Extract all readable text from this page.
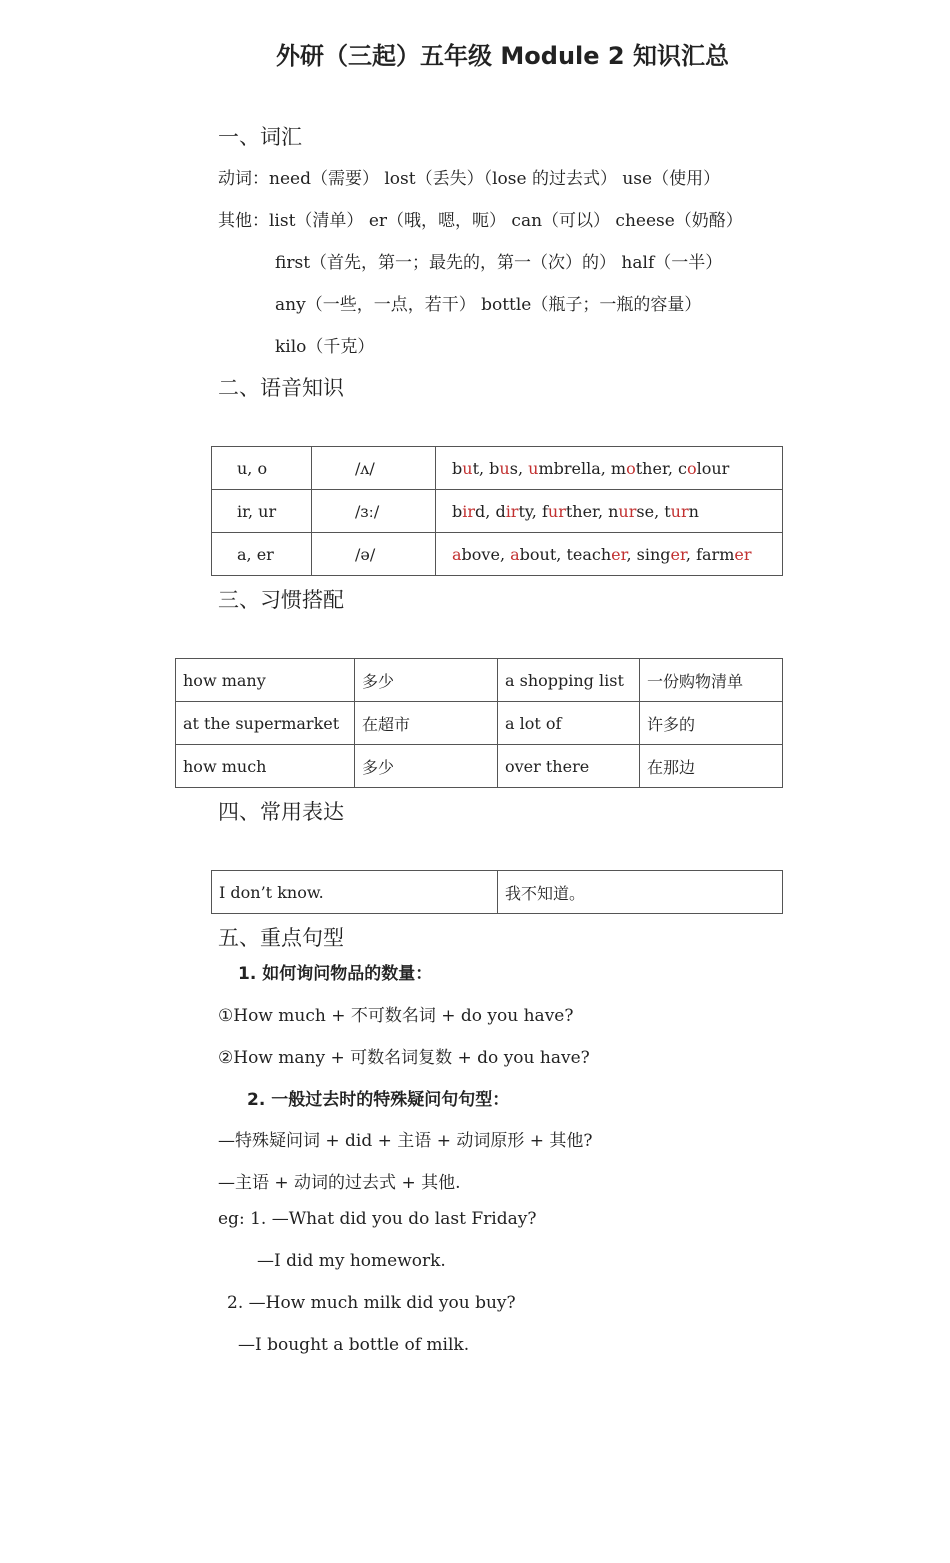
外研（三起）五年级 Module 2 知识汇总
一、词汇
动词：need（需要） lost（丢失）（lose 的过去式） use（使用）
其他：list（清单） er（哦，嗯，呃） can（可以） cheese（奶酪）
first（首先，第一；最先的，第一（次）的） half（一半）
any（一些，一点，若干） bottle（瓶子；一瓶的容量）
kilo（千克）
二、语音知识
u, o	/ʌ/	but, bus, umbrella, mother, colour
ir, ur	/ɜː/	bird, dirty, further, nurse, turn
a, er	/ə/	above, about, teacher, singer, farmer
三、习惯搭配
how many	多少	a shopping list	一份购物清单
at the supermarket	在超市	a lot of	许多的
how much	多少	over there	在那边
四、常用表达
I don’t know.	我不知道。
五、重点句型
1. 如何询问物品的数量：
①How much + 不可数名词 + do you have?
②How many + 可数名词复数 + do you have?
2. 一般过去时的特殊疑问句句型：
—特殊疑问词 + did + 主语 + 动词原形 + 其他?
—主语 + 动词的过去式 + 其他.
eg: 1. —What did you do last Friday?
—I did my homework.
2. —How much milk did you buy?
—I bought a bottle of milk.
